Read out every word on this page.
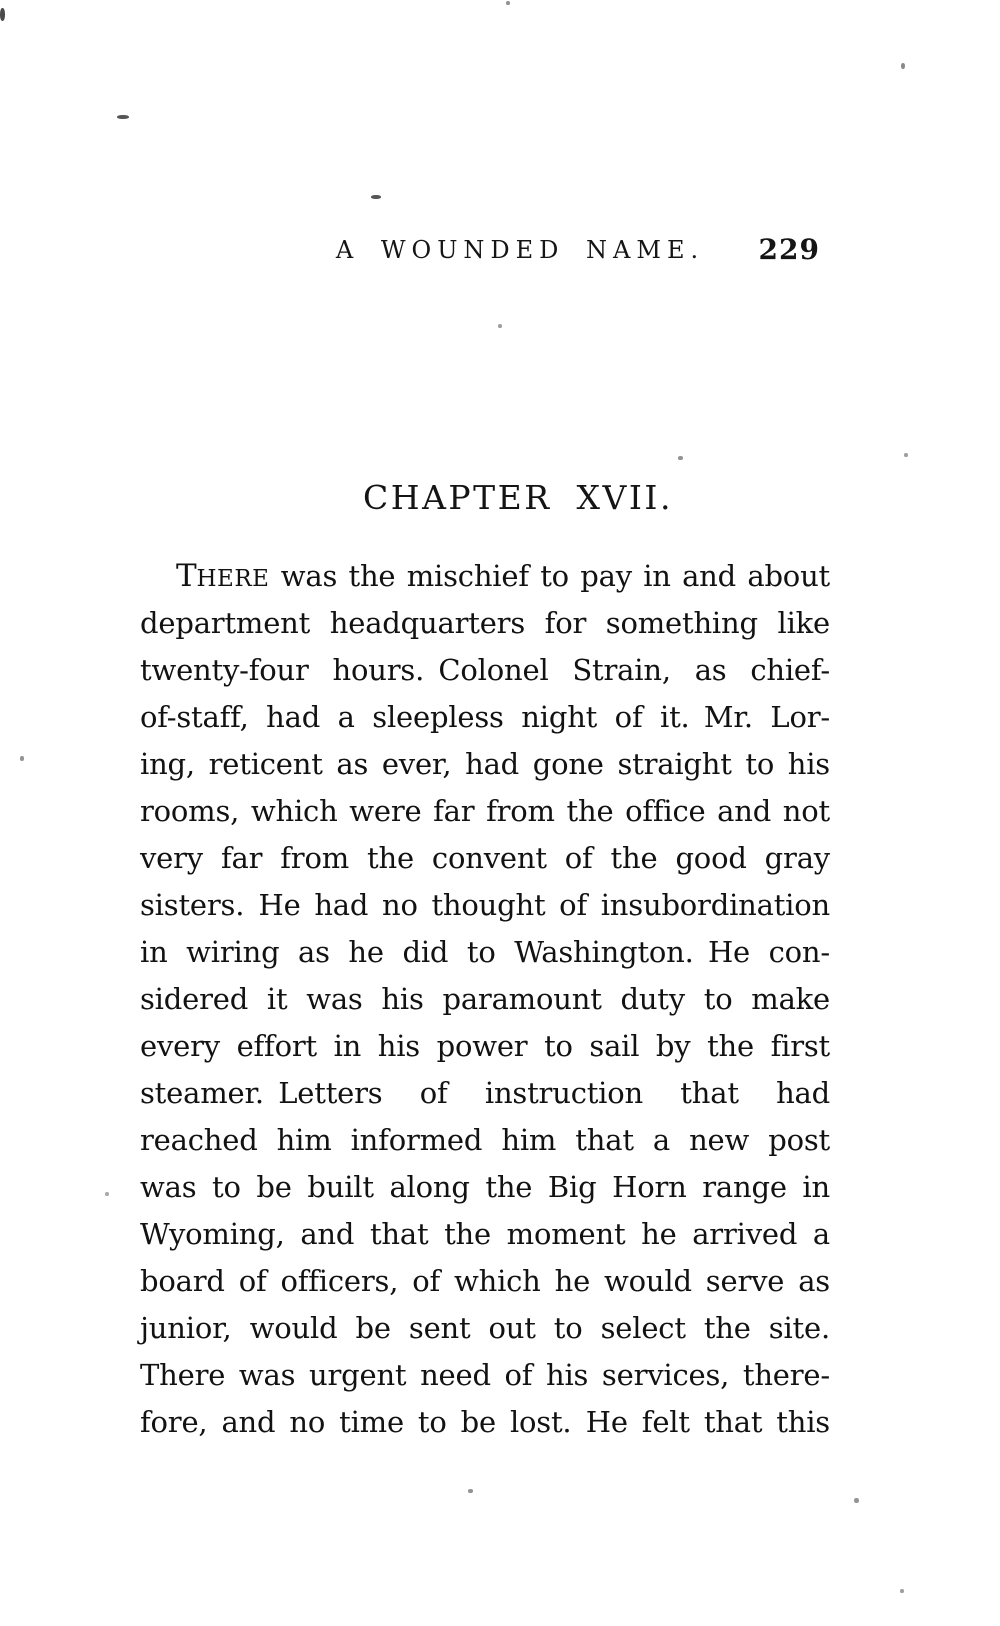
A WOUNDED NAME.	229
CHAPTER XVII.
THERE was the mischief to pay in and about
department headquarters for something like
twenty-four hours. Colonel Strain, as chief-
of-staff, had a sleepless night of it. Mr. Lor-
ing, reticent as ever, had gone straight to his
rooms, which were far from the office and not
very far from the convent of the good gray
sisters. He had no thought of insubordination
in wiring as he did to Washington. He con-
sidered it was his paramount duty to make
every effort in his power to sail by the first
steamer. Letters of instruction that had
reached him informed him that a new post
was to be built along the Big Horn range in
Wyoming, and that the moment he arrived a
board of officers, of which he would serve as
junior, would be sent out to select the site.
There was urgent need of his services, there-
fore, and no time to be lost. He felt that this
